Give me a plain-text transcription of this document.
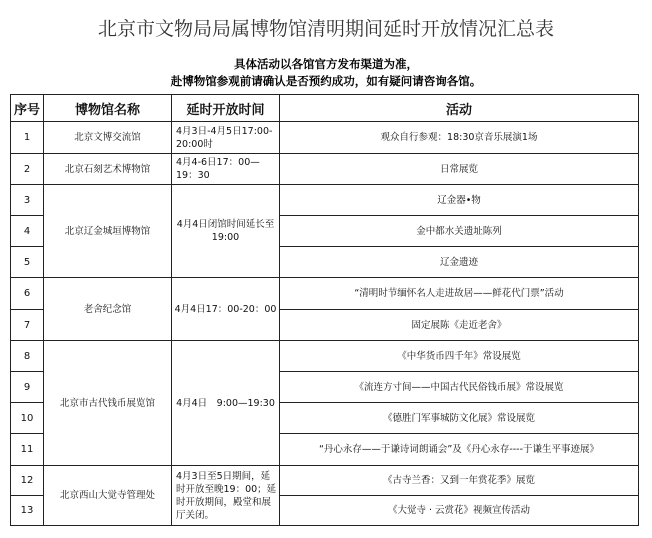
北京市文物局局属博物馆清明期间延时开放情况汇总表
具体活动以各馆官方发布渠道为准，
赴博物馆参观前请确认是否预约成功，如有疑问请咨询各馆。
序号	博物馆名称	延时开放时间	活动
1	北京文博交流馆	4月3日-4月5日17:00-20:00时	观众自行参观：18:30京音乐展演1场
2	北京石刻艺术博物馆	4月4-6日17：00—19：30	日常展览
3	北京辽金城垣博物馆	4月4日闭馆时间延长至19:00	辽金器•物
4			金中都水关遗址陈列
5			辽金遗迹
6	老舍纪念馆	4月4日17：00-20：00	“清明时节缅怀名人走进故居——鲜花代门票”活动
7			固定展陈《走近老舍》
8	北京市古代钱币展览馆	4月4日　9:00—19:30	《中华货币四千年》常设展览
9			《流连方寸间——中国古代民俗钱币展》常设展览
10			《德胜门军事城防文化展》常设展览
11			“丹心永存——于谦诗词朗诵会”及《丹心永存----于谦生平事迹展》
12	北京西山大觉寺管理处	4月3日至5日期间，延时开放至晚19：00；延时开放期间，殿堂和展厅关闭。	《古寺兰香：又到一年赏花季》展览
13			《大觉寺 · 云赏花》视频宣传活动
